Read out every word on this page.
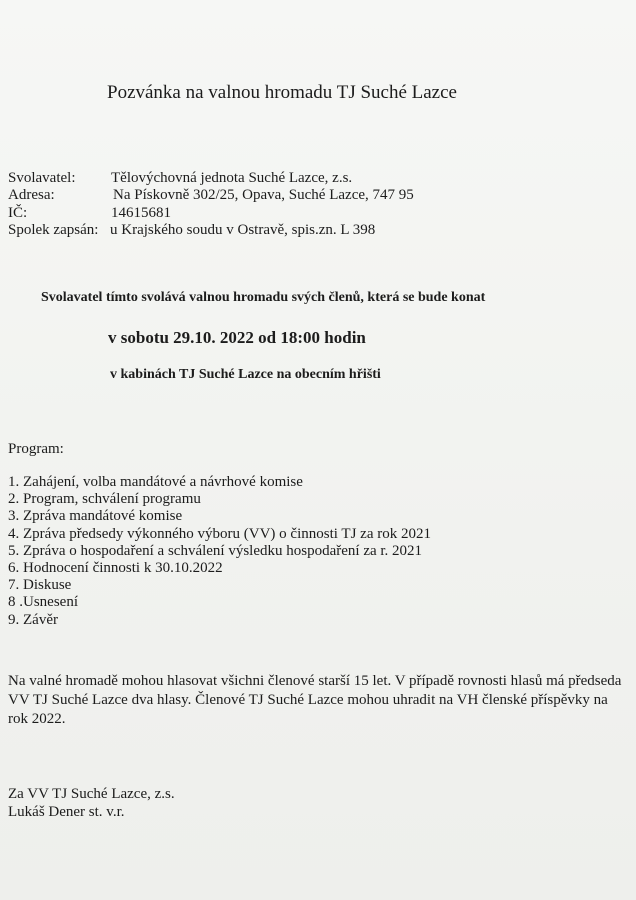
Pozvánka na valnou hromadu TJ Suché Lazce
Svolavatel: Tělovýchovná jednota Suché Lazce, z.s.
Adresa:	Na Pískovně 302/25, Opava, Suché Lazce, 747 95
IČ:	14615681
Spolek zapsán: u Krajského soudu v Ostravě, spis.zn. L 398
Svolavatel tímto svolává valnou hromadu svých členů, která se bude konat
v sobotu 29.10. 2022 od 18:00 hodin
v kabinách TJ Suché Lazce na obecním hřišti
Program:
1. Zahájení, volba mandátové a návrhové komise
2. Program, schválení programu
3. Zpráva mandátové komise
4. Zpráva předsedy výkonného výboru (VV) o činnosti TJ za rok 2021
5. Zpráva o hospodaření a schválení výsledku hospodaření za r. 2021
6. Hodnocení činnosti k 30.10.2022
7. Diskuse
8 .Usnesení
9. Závěr
Na valné hromadě mohou hlasovat všichni členové starší 15 let. V případě rovnosti hlasů má předseda VV TJ Suché Lazce dva hlasy. Členové TJ Suché Lazce mohou uhradit na VH členské příspěvky na rok 2022.
Za VV TJ Suché Lazce, z.s.
Lukáš Dener st. v.r.
